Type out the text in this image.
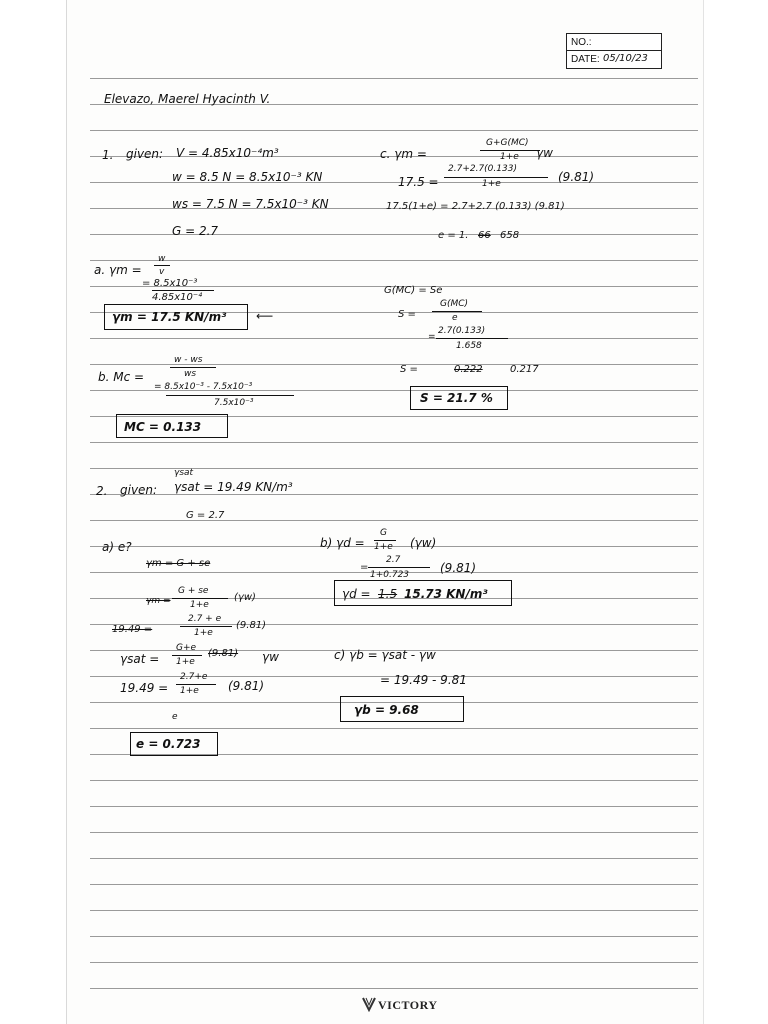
NO.:
DATE: 05/10/23
Elevazo, Maerel Hyacinth V.
1. given: V = 4.85x10⁻⁴m³
w = 8.5 N = 8.5x10⁻³ KN
ws = 7.5 N = 7.5x10⁻³ KN
G = 2.7
a. γm =
w
v
= 8.5x10⁻³
4.85x10⁻⁴
γm = 17.5 KN/m³ ⟵
b. Mc =
w - ws
ws
= 8.5x10⁻³ - 7.5x10⁻³
7.5x10⁻³
MC = 0.133
c. γm =
G+G(MC)
1+e γw
17.5 =
2.7+2.7(0.133)
1+e	(9.81)
17.5(1+e) = 2.7+2.7 (0.133) (9.81)
e = 1. 66 658
G(MC) = Se
S =
G(MC)
e
=
2.7(0.133)
1.658
S =	0.222	0.217
S = 21.7 %
2. given:
γsat
γsat = 19.49 KN/m³
G = 2.7
a) e?
γm = G + se
γm =
G + se
1+e
(γw)
19.49 =
2.7 + e
1+e
(9.81)
γsat =
G+e
1+e
(9.81) γw
19.49 =
2.7+e
1+e (9.81)
e
e = 0.723
b) γd =
G
1+e (γw)
=
2.7
1+0.723	(9.81)
γd = 1.5 15.73 KN/m³
c) γb = γsat - γw
= 19.49 - 9.81
γb = 9.68
VICTORY
